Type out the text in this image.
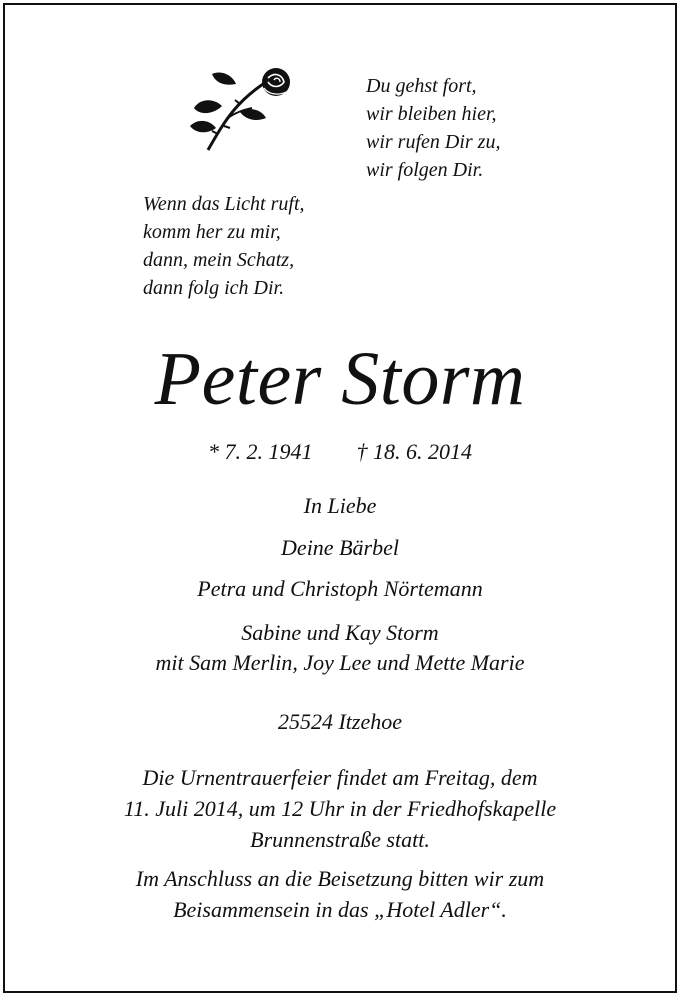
Du gehst fort,
wir bleiben hier,
wir rufen Dir zu,
wir folgen Dir.
Wenn das Licht ruft,
komm her zu mir,
dann, mein Schatz,
dann folg ich Dir.
Peter Storm
* 7. 2. 1941 † 18. 6. 2014
In Liebe
Deine Bärbel
Petra und Christoph Nörtemann
Sabine und Kay Storm
mit Sam Merlin, Joy Lee und Mette Marie
25524 Itzehoe
Die Urnentrauerfeier findet am Freitag, dem
11. Juli 2014, um 12 Uhr in der Friedhofskapelle
Brunnenstraße statt.
Im Anschluss an die Beisetzung bitten wir zum
Beisammensein in das „Hotel Adler“.
